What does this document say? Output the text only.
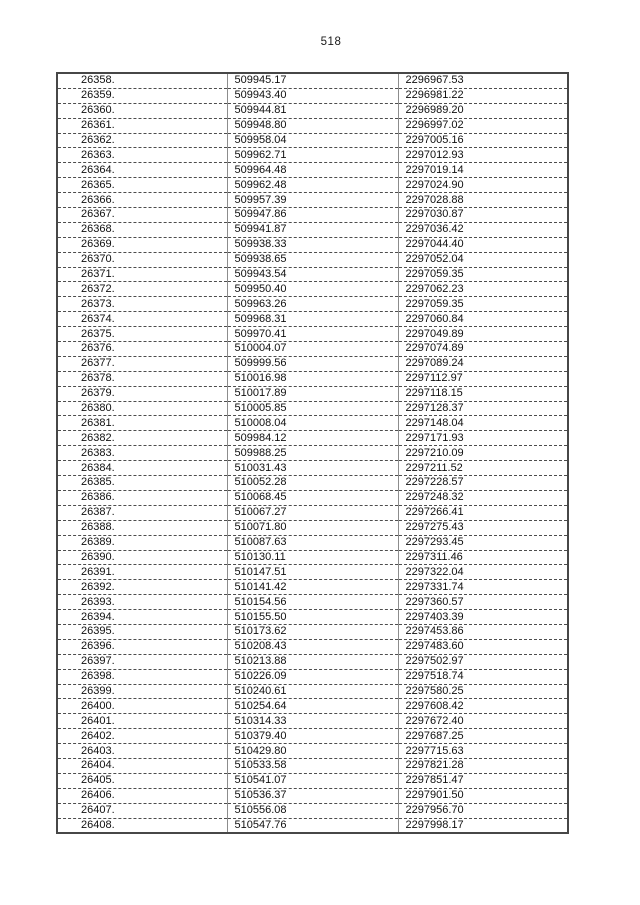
518
26358.	509945.17	2296967.53
26359.	509943.40	2296981.22
26360.	509944.81	2296989.20
26361.	509948.80	2296997.02
26362.	509958.04	2297005.16
26363.	509962.71	2297012.93
26364.	509964.48	2297019.14
26365.	509962.48	2297024.90
26366.	509957.39	2297028.88
26367.	509947.86	2297030.87
26368.	509941.87	2297036.42
26369.	509938.33	2297044.40
26370.	509938.65	2297052.04
26371.	509943.54	2297059.35
26372.	509950.40	2297062.23
26373.	509963.26	2297059.35
26374.	509968.31	2297060.84
26375.	509970.41	2297049.89
26376.	510004.07	2297074.89
26377.	509999.56	2297089.24
26378.	510016.98	2297112.97
26379.	510017.89	2297118.15
26380.	510005.85	2297128.37
26381.	510008.04	2297148.04
26382.	509984.12	2297171.93
26383.	509988.25	2297210.09
26384.	510031.43	2297211.52
26385.	510052.28	2297228.57
26386.	510068.45	2297248.32
26387.	510067.27	2297266.41
26388.	510071.80	2297275.43
26389.	510087.63	2297293.45
26390.	510130.11	2297311.46
26391.	510147.51	2297322.04
26392.	510141.42	2297331.74
26393.	510154.56	2297360.57
26394.	510155.50	2297403.39
26395.	510173.62	2297453.86
26396.	510208.43	2297483.60
26397.	510213.88	2297502.97
26398.	510226.09	2297518.74
26399.	510240.61	2297580.25
26400.	510254.64	2297608.42
26401.	510314.33	2297672.40
26402.	510379.40	2297687.25
26403.	510429.80	2297715.63
26404.	510533.58	2297821.28
26405.	510541.07	2297851.47
26406.	510536.37	2297901.50
26407.	510556.08	2297956.70
26408.	510547.76	2297998.17
